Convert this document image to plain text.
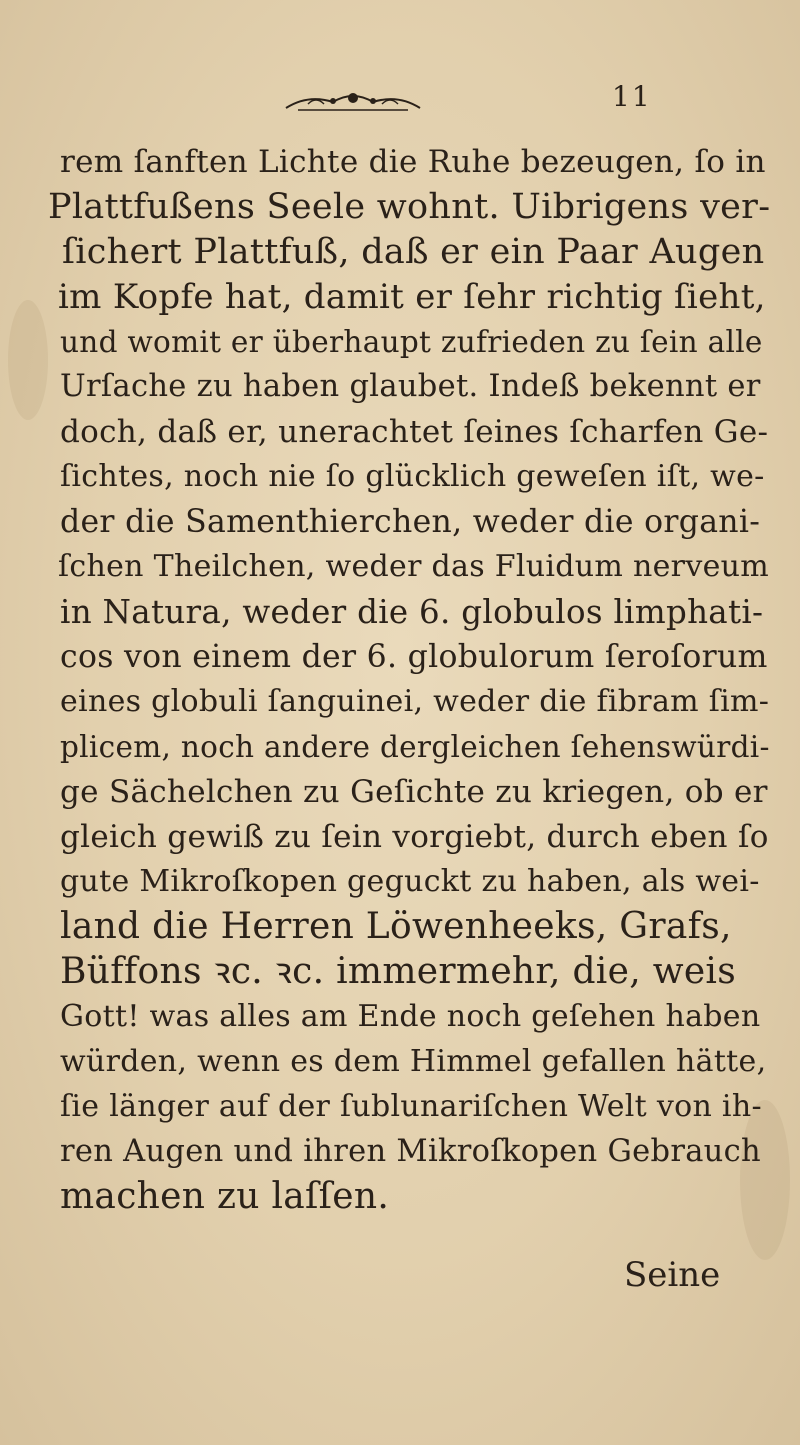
11
rem ſanften Lichte die Ruhe bezeugen, ſo in
Plattfußens Seele wohnt. Uibrigens ver-
ſichert Plattfuß, daß er ein Paar Augen
im Kopfe hat, damit er ſehr richtig ſieht,
und womit er überhaupt zufrieden zu ſein alle
Urſache zu haben glaubet. Indeß bekennt er
doch, daß er, unerachtet ſeines ſcharfen Ge-
ſichtes, noch nie ſo glücklich geweſen iſt, we-
der die Samenthierchen, weder die organi-
ſchen Theilchen, weder das Fluidum nerveum
in Natura, weder die 6. globulos limphati-
cos von einem der 6. globulorum ſeroſorum
eines globuli ſanguinei, weder die fibram ſim-
plicem, noch andere dergleichen ſehenswürdi-
ge Sächelchen zu Geſichte zu kriegen, ob er
gleich gewiß zu ſein vorgiebt, durch eben ſo
gute Mikroſkopen geguckt zu haben, als wei-
land die Herren Löwenheeks, Grafs,
Büffons ꝛc. ꝛc. immermehr, die, weis
Gott! was alles am Ende noch geſehen haben
würden, wenn es dem Himmel gefallen hätte,
ſie länger auf der ſublunariſchen Welt von ih-
ren Augen und ihren Mikroſkopen Gebrauch
machen zu laſſen.
Seine
